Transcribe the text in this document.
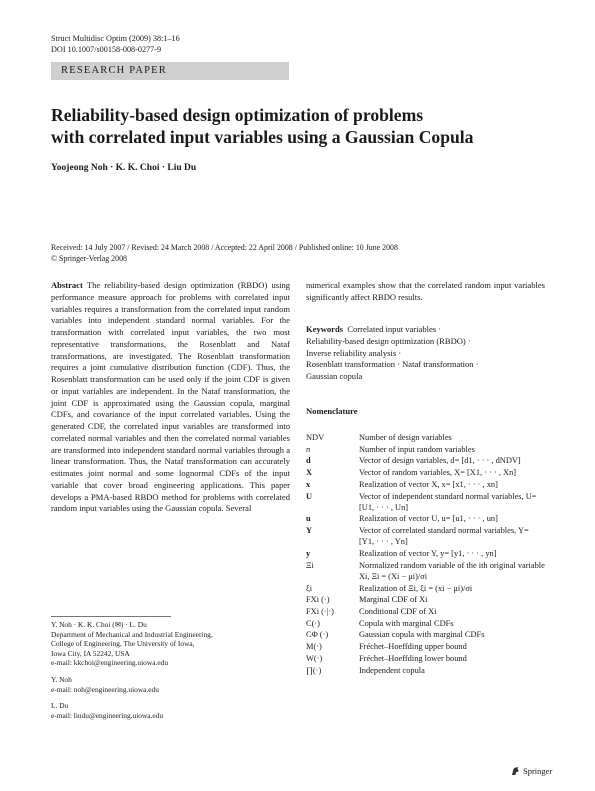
Struct Multidisc Optim (2009) 38:1–16
DOI 10.1007/s00158-008-0277-9
RESEARCH PAPER
Reliability-based design optimization of problems
with correlated input variables using a Gaussian Copula
Yoojeong Noh · K. K. Choi · Liu Du
Received: 14 July 2007 / Revised: 24 March 2008 / Accepted: 22 April 2008 / Published online: 10 June 2008
© Springer-Verlag 2008
Abstract The reliability-based design optimization (RBDO) using performance measure approach for problems with correlated input variables requires a transformation from the correlated input random variables into independent standard normal variables. For the transformation with correlated input variables, the two most representative transformations, the Rosenblatt and Nataf transformations, are investigated. The Rosenblatt transformation requires a joint cumulative distribution function (CDF). Thus, the Rosenblatt transformation can be used only if the joint CDF is given or input variables are independent. In the Nataf transformation, the joint CDF is approximated using the Gaussian copula, marginal CDFs, and covariance of the input correlated variables. Using the generated CDF, the correlated input variables are transformed into correlated normal variables and then the correlated normal variables are transformed into independent standard normal variables through a linear transformation. Thus, the Nataf transformation can accurately estimates joint normal and some lognormal CDFs of the input variable that cover broad engineering applications. This paper develops a PMA-based RBDO method for problems with correlated random input variables using the Gaussian copula. Several
numerical examples show that the correlated random input variables significantly affect RBDO results.
Keywords Correlated input variables ·
Reliability-based design optimization (RBDO) ·
Inverse reliability analysis ·
Rosenblatt transformation · Nataf transformation ·
Gaussian copula
Nomenclature
NDV	Number of design variables
n	Number of input random variables
d	Vector of design variables, d= [d1, · · · , dNDV]
X	Vector of random variables, X= [X1, · · · , Xn]
x	Realization of vector X, x= [x1, · · · , xn]
U	Vector of independent standard normal variables, U= [U1, · · · , Un]
u	Realization of vector U, u= [u1, · · · , un]
Y	Vector of correlated standard normal variables, Y= [Y1, · · · , Yn]
y	Realization of vector Y, y= [y1, · · · , yn]
Ξi	Normalized random variable of the ith original variable Xi, Ξi = (Xi − μi)/σi
ξi	Realization of Ξi, ξi = (xi − μi)/σi
FXi (·)	Marginal CDF of Xi
FXi (·|·)	Conditional CDF of Xi
C(·)	Copula with marginal CDFs
CΦ (·)	Gaussian copula with marginal CDFs
M(·)	Fréchet–Hoeffding upper bound
W(·)	Fréchet–Hoeffding lower bound
∏(·)	Independent copula
Y. Noh · K. K. Choi (✉) · L. Du
Department of Mechanical and Industrial Engineering,
College of Engineering, The University of Iowa,
Iowa City, IA 52242, USA
e-mail: kkchoi@engineering.uiowa.edu
Y. Noh
e-mail: noh@engineering.uiowa.edu
L. Du
e-mail: liudu@engineering.uiowa.edu
Springer
